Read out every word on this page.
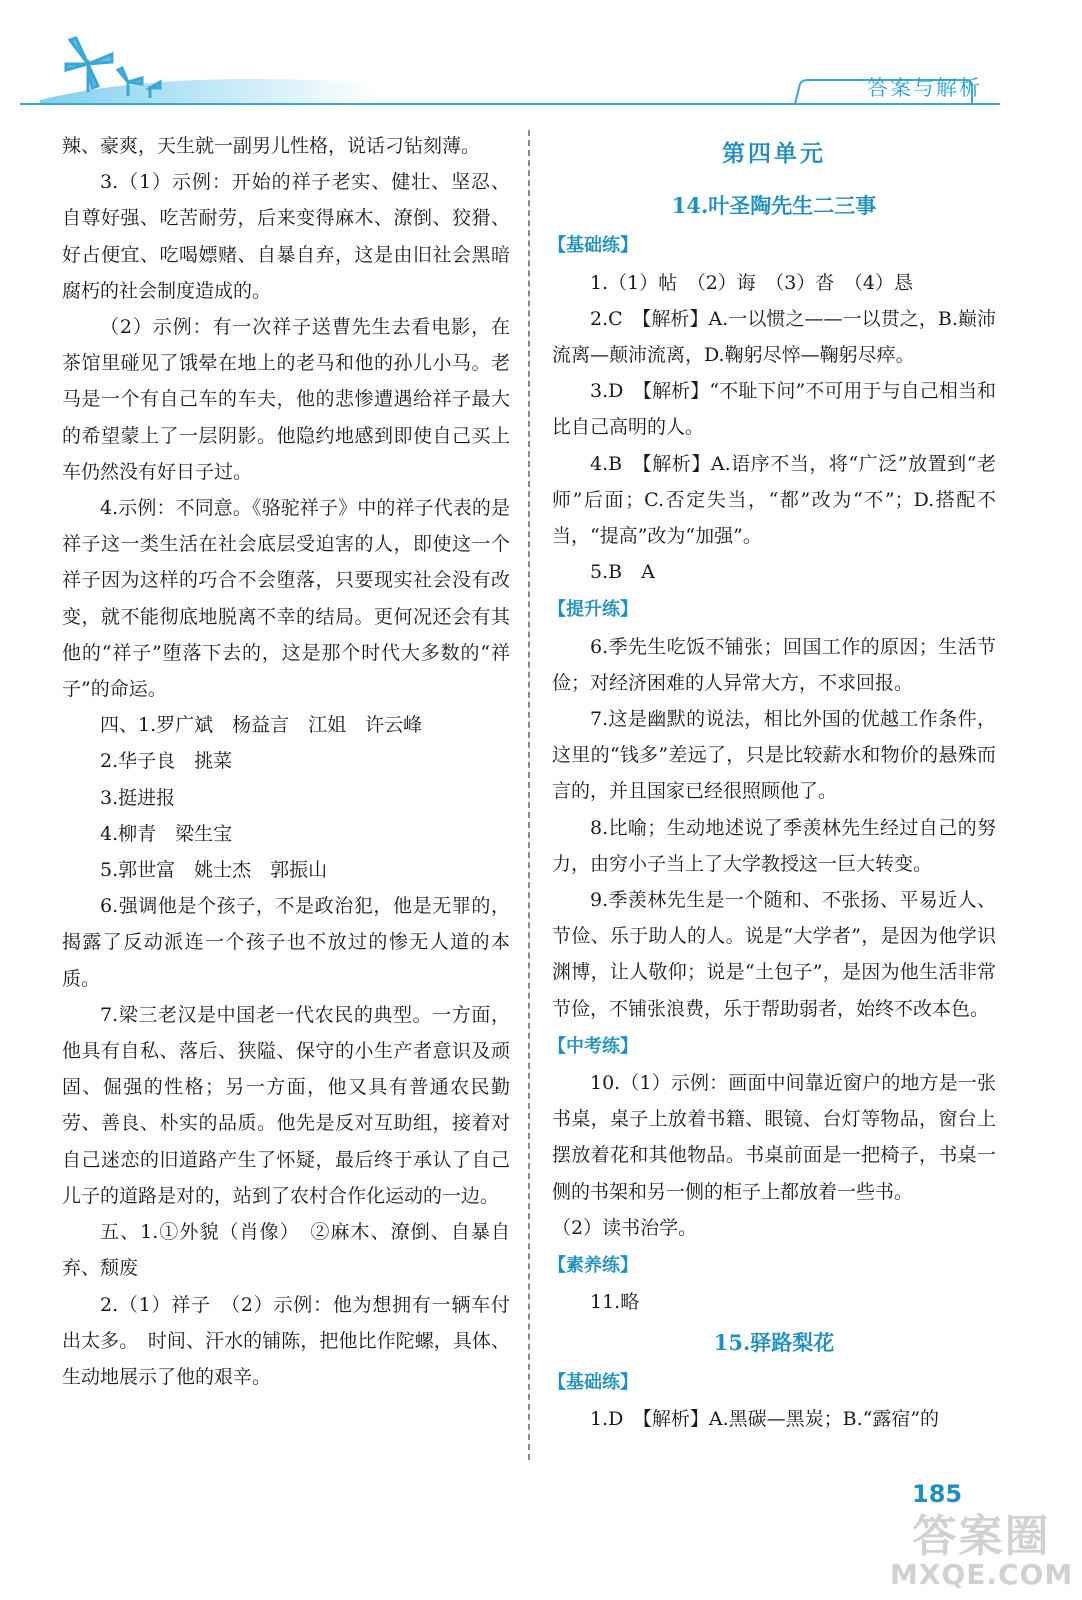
答案与解析
辣、豪爽，天生就一副男儿性格，说话刁钻刻薄。
3.（1）示例：开始的祥子老实、健壮、坚忍、自尊好强、吃苦耐劳，后来变得麻木、潦倒、狡猾、好占便宜、吃喝嫖赌、自暴自弃，这是由旧社会黑暗腐朽的社会制度造成的。
（2）示例：有一次祥子送曹先生去看电影，在茶馆里碰见了饿晕在地上的老马和他的孙儿小马。老马是一个有自己车的车夫，他的悲惨遭遇给祥子最大的希望蒙上了一层阴影。他隐约地感到即使自己买上车仍然没有好日子过。
4.示例：不同意。《骆驼祥子》中的祥子代表的是祥子这一类生活在社会底层受迫害的人，即使这一个祥子因为这样的巧合不会堕落，只要现实社会没有改变，就不能彻底地脱离不幸的结局。更何况还会有其他的“祥子”堕落下去的，这是那个时代大多数的“祥子”的命运。
四、1.罗广斌　杨益言　江姐　许云峰
2.华子良　挑菜
3.挺进报
4.柳青　梁生宝
5.郭世富　姚士杰　郭振山
6.强调他是个孩子，不是政治犯，他是无罪的，揭露了反动派连一个孩子也不放过的惨无人道的本质。
7.梁三老汉是中国老一代农民的典型。一方面，他具有自私、落后、狭隘、保守的小生产者意识及顽固、倔强的性格；另一方面，他又具有普通农民勤劳、善良、朴实的品质。他先是反对互助组，接着对自己迷恋的旧道路产生了怀疑，最后终于承认了自己儿子的道路是对的，站到了农村合作化运动的一边。
五、1.①外貌（肖像）　②麻木、潦倒、自暴自弃、颓废
2.（1）祥子　（2）示例：他为想拥有一辆车付出太多。　时间、汗水的铺陈，把他比作陀螺，具体、生动地展示了他的艰辛。
第四单元
14.叶圣陶先生二三事
【基础练】
1.（1）帖　（2）诲　（3）沓　（4）恳
2.C　【解析】A.一以惯之——一以贯之，B.巅沛流离—颠沛流离，D.鞠躬尽悴—鞠躬尽瘁。
3.D　【解析】“不耻下问”不可用于与自己相当和比自己高明的人。
4.B　【解析】A.语序不当，将“广泛”放置到“老师”后面；C.否定失当，“都”改为“不”；D.搭配不当，“提高”改为“加强”。
5.B　A
【提升练】
6.季先生吃饭不铺张；回国工作的原因；生活节俭；对经济困难的人异常大方，不求回报。
7.这是幽默的说法，相比外国的优越工作条件，这里的“钱多”差远了，只是比较薪水和物价的悬殊而言的，并且国家已经很照顾他了。
8.比喻；生动地述说了季羡林先生经过自己的努力，由穷小子当上了大学教授这一巨大转变。
9.季羡林先生是一个随和、不张扬、平易近人、节俭、乐于助人的人。说是“大学者”，是因为他学识渊博，让人敬仰；说是“土包子”，是因为他生活非常节俭，不铺张浪费，乐于帮助弱者，始终不改本色。
【中考练】
10.（1）示例：画面中间靠近窗户的地方是一张书桌，桌子上放着书籍、眼镜、台灯等物品，窗台上摆放着花和其他物品。书桌前面是一把椅子，书桌一侧的书架和另一侧的柜子上都放着一些书。
（2）读书治学。
【素养练】
11.略
15.驿路梨花
【基础练】
1.D　【解析】A.黑碳—黑炭；B.“露宿”的
185
答案圈
MXQE.COM
